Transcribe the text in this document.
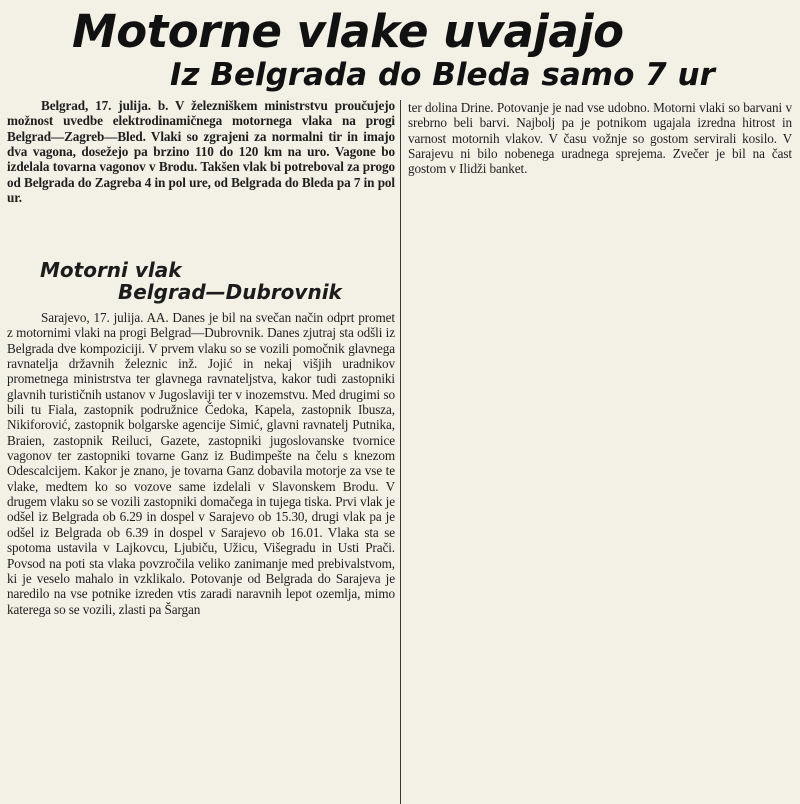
Motorne vlake uvajajo
Iz Belgrada do Bleda samo 7 ur

Belgrad, 17. julija. b. V železniškem ministrstvu proučujejo možnost uvedbe elektrodinamičnega motornega vlaka na progi Belgrad—Zagreb—Bled. Vlaki so zgrajeni za normalni tir in imajo dva vagona, dosežejo pa brzino 110 do 120 km na uro. Vagone bo izdelala tovarna vagonov v Brodu. Takšen vlak bi potreboval za progo od Belgrada do Zagreba 4 in pol ure, od Belgrada do Bleda pa 7 in pol ur.

Motorni vlak
Belgrad—Dubrovnik

Sarajevo, 17. julija. AA. Danes je bil na svečan način odprt promet z motornimi vlaki na progi Belgrad—Dubrovnik. Danes zjutraj sta odšli iz Belgrada dve kompoziciji. V prvem vlaku so se vozili pomočnik glavnega ravnatelja državnih železnic inž. Jojić in nekaj višjih uradnikov prometnega ministrstva ter glavnega ravnateljstva, kakor tudi zastopniki glavnih turističnih ustanov v Jugoslaviji ter v inozemstvu. Med drugimi so bili tu Fiala, zastopnik podružnice Čedoka, Kapela, zastopnik Ibusza, Nikiforović, zastopnik bolgarske agencije Simić, glavni ravnatelj Putnika, Braien, zastopnik Reiluci, Gazete, zastopniki jugoslovanske tvornice vagonov ter zastopniki tovarne Ganz iz Budimpešte na čelu s knezom Odescalcijem. Kakor je znano, je tovarna Ganz dobavila motorje za vse te vlake, medtem ko so vozove same izdelali v Slavonskem Brodu. V drugem vlaku so se vozili zastopniki domačega in tujega tiska. Prvi vlak je odšel iz Belgrada ob 6.29 in dospel v Sarajevo ob 15.30, drugi vlak pa je odšel iz Belgrada ob 6.39 in dospel v Sarajevo ob 16.01. Vlaka sta se spotoma ustavila v Lajkovcu, Ljubiču, Užicu, Višegradu in Usti Prači. Povsod na poti sta vlaka povzročila veliko zanimanje med prebivalstvom, ki je veselo mahalo in vzklikalo. Potovanje od Belgrada do Sarajeva je naredilo na vse potnike izreden vtis zaradi naravnih lepot ozemlja, mimo katerega so se vozili, zlasti pa Šargan

ter dolina Drine. Potovanje je nad vse udobno. Motorni vlaki so barvani v srebrno beli barvi. Najbolj pa je potnikom ugajala izredna hitrost in varnost motornih vlakov. V času vožnje so gostom servirali kosilo. V Sarajevu ni bilo nobenega uradnega sprejema. Zvečer je bil na čast gostom v Ilidži banket.
